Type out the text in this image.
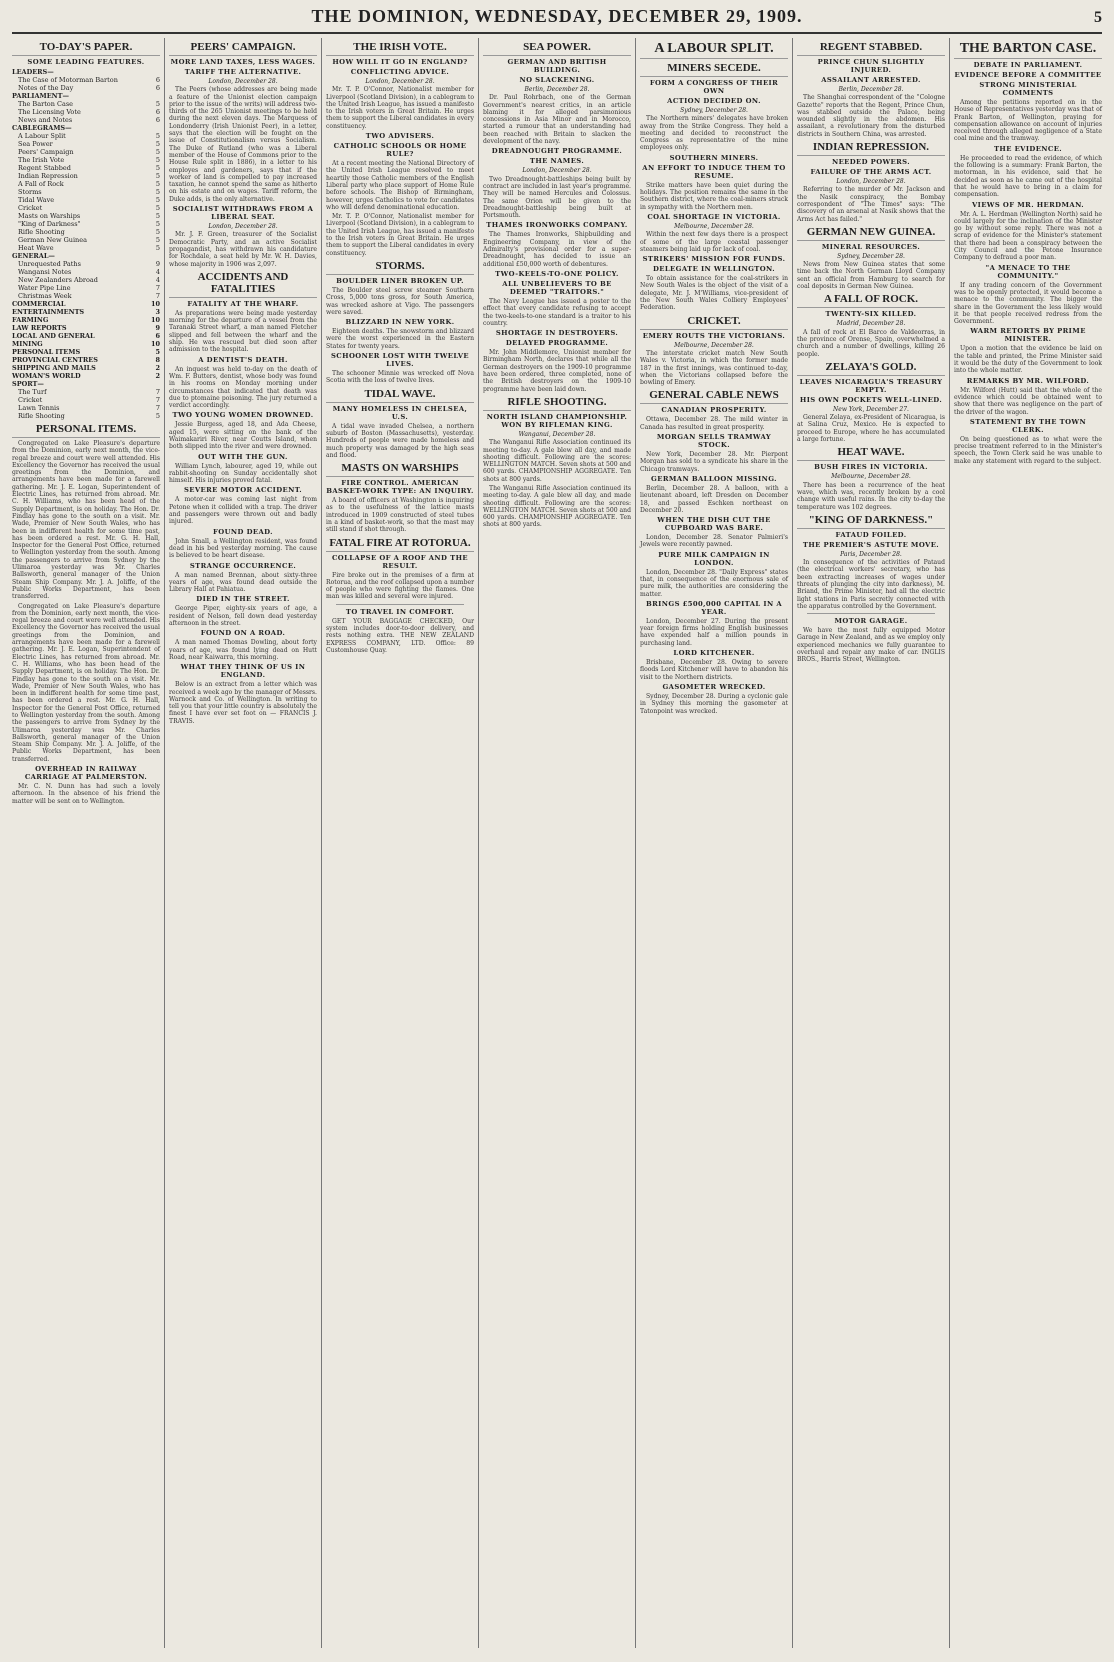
THE DOMINION, WEDNESDAY, DECEMBER 29, 1909.	5
TO-DAY'S PAPER.
SOME LEADING FEATURES.
LEADERS—
The Case of Motorman Barton	6
Notes of the Day	6
PARLIAMENT—
The Barton Case	5
The Licensing Vote	6
News and Notes	6
CABLEGRAMS—
A Labour Split	5
Sea Power	5
Peers' Campaign	5
The Irish Vote	5
Regent Stabbed	5
Indian Repression	5
A Fall of Rock	5
Storms	5
Tidal Wave	5
Cricket	5
Masts on Warships	5
"King of Darkness"	5
Rifle Shooting	5
German New Guinea	5
Heat Wave	5
GENERAL—
Unrequested Paths	9
Wangansi Notes	4
New Zealanders Abroad	4
Water Pipe Line	7
Christmas Week	7
COMMERCIAL	10
ENTERTAINMENTS	3
FARMING	10
LAW REPORTS	9
LOCAL AND GENERAL	6
MINING	10
PERSONAL ITEMS	5
PROVINCIAL CENTRES	8
SHIPPING AND MAILS	2
WOMAN'S WORLD	2
SPORT—
The Turf	7
Cricket	7
Lawn Tennis	7
Rifle Shooting	5
PERSONAL ITEMS.

Congregated on Lake Pleasure's departure from the Dominion, early next month, the vice-regal breeze and court were well attended. His Excellency the Governor has received the usual greetings from the Dominion, and arrangements have been made for a farewell gathering. Mr. J. E. Logan, Superintendent of Electric Lines, has returned from abroad. Mr. C. H. Williams, who has been head of the Supply Department, is on holiday. The Hon. Dr. Findlay has gone to the south on a visit. Mr. Wade, Premier of New South Wales, who has been in indifferent health for some time past, has been ordered a rest. Mr. G. H. Hall, Inspector for the General Post Office, returned to Wellington yesterday from the south. Among the passengers to arrive from Sydney by the Ulimaroa yesterday was Mr. Charles Ballsworth, general manager of the Union Steam Ship Company. Mr. J. A. Joliffe, of the Public Works Department, has been transferred.

Congregated on Lake Pleasure's departure from the Dominion, early next month, the vice-regal breeze and court were well attended. His Excellency the Governor has received the usual greetings from the Dominion, and arrangements have been made for a farewell gathering. Mr. J. E. Logan, Superintendent of Electric Lines, has returned from abroad. Mr. C. H. Williams, who has been head of the Supply Department, is on holiday. The Hon. Dr. Findlay has gone to the south on a visit. Mr. Wade, Premier of New South Wales, who has been in indifferent health for some time past, has been ordered a rest. Mr. G. H. Hall, Inspector for the General Post Office, returned to Wellington yesterday from the south. Among the passengers to arrive from Sydney by the Ulimaroa yesterday was Mr. Charles Ballsworth, general manager of the Union Steam Ship Company. Mr. J. A. Joliffe, of the Public Works Department, has been transferred.

OVERHEAD IN RAILWAY CARRIAGE AT PALMERSTON.

Mr. C. N. Dunn has had such a lovely afternoon. In the absence of his friend the matter will be sent on to Wellington.

PEERS' CAMPAIGN.
MORE LAND TAXES, LESS WAGES.
TARIFF THE ALTERNATIVE.
London, December 28.

The Peers (whose addresses are being made a feature of the Unionist election campaign prior to the issue of the writs) will address two-thirds of the 265 Unionist meetings to be held during the next eleven days. The Marquess of Londonderry (Irish Unionist Peer), in a letter, says that the election will be fought on the issue of Constitutionalism versus Socialism. The Duke of Rutland (who was a Liberal member of the House of Commons prior to the House Rule split in 1886), in a letter to his employes and gardeners, says that if the worker of land is compelled to pay increased taxation, he cannot spend the same as hitherto on his estate and on wages. Tariff reform, the Duke adds, is the only alternative.

SOCIALIST WITHDRAWS FROM A LIBERAL SEAT.
London, December 28.

Mr. J. F. Green, treasurer of the Socialist Democratic Party, and an active Socialist propagandist, has withdrawn his candidature for Rochdale, a seat held by Mr. W. H. Davies, whose majority in 1906 was 2,097.

ACCIDENTS AND FATALITIES
FATALITY AT THE WHARF.

As preparations were being made yesterday morning for the departure of a vessel from the Taranaki Street wharf, a man named Fletcher slipped and fell between the wharf and the ship. He was rescued but died soon after admission to the hospital.

A DENTIST'S DEATH.

An inquest was held to-day on the death of Wm. F. Butters, dentist, whose body was found in his rooms on Monday morning under circumstances that indicated that death was due to ptomaine poisoning. The jury returned a verdict accordingly.

TWO YOUNG WOMEN DROWNED.

Jessie Burgess, aged 18, and Ada Cheese, aged 15, were sitting on the bank of the Waimakariri River, near Coutts Island, when both slipped into the river and were drowned.

OUT WITH THE GUN.

William Lynch, labourer, aged 19, while out rabbit-shooting on Sunday accidentally shot himself. His injuries proved fatal.

SEVERE MOTOR ACCIDENT.

A motor-car was coming last night from Petone when it collided with a trap. The driver and passengers were thrown out and badly injured.

FOUND DEAD.

John Small, a Wellington resident, was found dead in his bed yesterday morning. The cause is believed to be heart disease.

STRANGE OCCURRENCE.

A man named Brennan, about sixty-three years of age, was found dead outside the Library Hall at Pahiatua.

DIED IN THE STREET.

George Piper, eighty-six years of age, a resident of Nelson, fell down dead yesterday afternoon in the street.

FOUND ON A ROAD.

A man named Thomas Dowling, about forty years of age, was found lying dead on Hutt Road, near Kaiwarra, this morning.

WHAT THEY THINK OF US IN ENGLAND.

Below is an extract from a letter which was received a week ago by the manager of Messrs. Warnock and Co. of Wellington. In writing to tell you that your little country is absolutely the finest I have ever set foot on — FRANCIS J. TRAVIS.

THE IRISH VOTE.
HOW WILL IT GO IN ENGLAND?
CONFLICTING ADVICE.
London, December 28.

Mr. T. P. O'Connor, Nationalist member for Liverpool (Scotland Division), in a cablegram to the United Irish League, has issued a manifesto to the Irish voters in Great Britain. He urges them to support the Liberal candidates in every constituency.

TWO ADVISERS.
CATHOLIC SCHOOLS OR HOME RULE?

At a recent meeting the National Directory of the United Irish League resolved to meet heartily those Catholic members of the English Liberal party who place support of Home Rule before schools. The Bishop of Birmingham, however, urges Catholics to vote for candidates who will defend denominational education.

Mr. T. P. O'Connor, Nationalist member for Liverpool (Scotland Division), in a cablegram to the United Irish League, has issued a manifesto to the Irish voters in Great Britain. He urges them to support the Liberal candidates in every constituency.

STORMS.
BOULDER LINER BROKEN UP.

The Boulder steel screw steamer Southern Cross, 5,000 tons gross, for South America, was wrecked ashore at Vigo. The passengers were saved.

BLIZZARD IN NEW YORK.

Eighteen deaths. The snowstorm and blizzard were the worst experienced in the Eastern States for twenty years.

SCHOONER LOST WITH TWELVE LIVES.

The schooner Minnie was wrecked off Nova Scotia with the loss of twelve lives.

TIDAL WAVE.
MANY HOMELESS IN CHELSEA, U.S.

A tidal wave invaded Chelsea, a northern suburb of Boston (Massachusetts), yesterday. Hundreds of people were made homeless and much property was damaged by the high seas and flood.

MASTS ON WARSHIPS
FIRE CONTROL. AMERICAN BASKET-WORK TYPE: AN INQUIRY.

A board of officers at Washington is inquiring as to the usefulness of the lattice masts introduced in 1909 constructed of steel tubes in a kind of basket-work, so that the mast may still stand if shot through.

FATAL FIRE AT ROTORUA.
COLLAPSE OF A ROOF AND THE RESULT.

Fire broke out in the premises of a firm at Rotorua, and the roof collapsed upon a number of people who were fighting the flames. One man was killed and several were injured.

TO TRAVEL IN COMFORT.

GET YOUR BAGGAGE CHECKED, Our system includes door-to-door delivery, and rests nothing extra. THE NEW ZEALAND EXPRESS COMPANY, LTD. Office: 89 Customhouse Quay.

SEA POWER.
GERMAN AND BRITISH BUILDING.
NO SLACKENING.
Berlin, December 28.

Dr. Paul Rohrbach, one of the German Government's nearest critics, in an article blaming it for alleged parsimonious concessions in Asia Minor and in Morocco, started a rumour that an understanding had been reached with Britain to slacken the development of the navy.

DREADNOUGHT PROGRAMME.
THE NAMES.
London, December 28.

Two Dreadnought-battleships being built by contract are included in last year's programme. They will be named Hercules and Colossus. The same Orion will be given to the Dreadnought-battleship being built at Portsmouth.

THAMES IRONWORKS COMPANY.

The Thames Ironworks, Shipbuilding and Engineering Company, in view of the Admiralty's provisional order for a super-Dreadnought, has decided to issue an additional £50,000 worth of debentures.

TWO-KEELS-TO-ONE POLICY.
ALL UNBELIEVERS TO BE DEEMED "TRAITORS."

The Navy League has issued a poster to the effect that every candidate refusing to accept the two-keels-to-one standard is a traitor to his country.

SHORTAGE IN DESTROYERS.
DELAYED PROGRAMME.

Mr. John Middlemore, Unionist member for Birmingham North, declares that while all the German destroyers on the 1909-10 programme have been ordered, three completed, none of the British destroyers on the 1909-10 programme have been laid down.

RIFLE SHOOTING.
NORTH ISLAND CHAMPIONSHIP. WON BY RIFLEMAN KING.
Wanganui, December 28.

The Wanganui Rifle Association continued its meeting to-day. A gale blew all day, and made shooting difficult. Following are the scores: WELLINGTON MATCH. Seven shots at 500 and 600 yards. CHAMPIONSHIP AGGREGATE. Ten shots at 800 yards.

The Wanganui Rifle Association continued its meeting to-day. A gale blew all day, and made shooting difficult. Following are the scores: WELLINGTON MATCH. Seven shots at 500 and 600 yards. CHAMPIONSHIP AGGREGATE. Ten shots at 800 yards.

A LABOUR SPLIT.
MINERS SECEDE.
FORM A CONGRESS OF THEIR OWN
ACTION DECIDED ON.
Sydney, December 28.

The Northern miners' delegates have broken away from the Strike Congress. They held a meeting and decided to reconstruct the Congress as representative of the mine employees only.

SOUTHERN MINERS.
AN EFFORT TO INDUCE THEM TO RESUME.

Strike matters have been quiet during the holidays. The position remains the same in the Southern district, where the coal-miners struck in sympathy with the Northern men.

COAL SHORTAGE IN VICTORIA.
Melbourne, December 28.

Within the next few days there is a prospect of some of the large coastal passenger steamers being laid up for lack of coal.

STRIKERS' MISSION FOR FUNDS.
DELEGATE IN WELLINGTON.

To obtain assistance for the coal-strikers in New South Wales is the object of the visit of a delegate, Mr. J. M'Williams, vice-president of the New South Wales Colliery Employees' Federation.

CRICKET.
EMERY ROUTS THE VICTORIANS.
Melbourne, December 28.

The interstate cricket match New South Wales v. Victoria, in which the former made 187 in the first innings, was continued to-day, when the Victorians collapsed before the bowling of Emery.

GENERAL CABLE NEWS
CANADIAN PROSPERITY.

Ottawa, December 28. The mild winter in Canada has resulted in great prosperity.

MORGAN SELLS TRAMWAY STOCK.

New York, December 28. Mr. Pierpont Morgan has sold to a syndicate his share in the Chicago tramways.

GERMAN BALLOON MISSING.

Berlin, December 28. A balloon, with a lieutenant aboard, left Dresden on December 18, and passed Eschken northeast on December 20.

WHEN THE DISH CUT THE CUPBOARD WAS BARE.

London, December 28. Senator Palmieri's Jewels were recently pawned.

PURE MILK CAMPAIGN IN LONDON.

London, December 28. "Daily Express" states that, in consequence of the enormous sale of pure milk, the authorities are considering the matter.

BRINGS £500,000 CAPITAL IN A YEAR.

London, December 27. During the present year foreign firms holding English businesses have expended half a million pounds in purchasing land.

LORD KITCHENER.

Brisbane, December 28. Owing to severe floods Lord Kitchener will have to abandon his visit to the Northern districts.

GASOMETER WRECKED.

Sydney, December 28. During a cyclonic gale in Sydney this morning the gasometer at Tatonpoint was wrecked.

REGENT STABBED.
PRINCE CHUN SLIGHTLY INJURED.
ASSAILANT ARRESTED.
Berlin, December 28.

The Shanghai correspondent of the "Cologne Gazette" reports that the Regent, Prince Chun, was stabbed outside the Palace, being wounded slightly in the abdomen. His assailant, a revolutionary from the disturbed districts in Southern China, was arrested.

INDIAN REPRESSION.
NEEDED POWERS.
FAILURE OF THE ARMS ACT.
London, December 28.

Referring to the murder of Mr. Jackson and the Nasik conspiracy, the Bombay correspondent of "The Times" says: "The discovery of an arsenal at Nasik shows that the Arms Act has failed."

GERMAN NEW GUINEA.
MINERAL RESOURCES.
Sydney, December 28.

News from New Guinea states that some time back the North German Lloyd Company sent an official from Hamburg to search for coal deposits in German New Guinea.

A FALL OF ROCK.
TWENTY-SIX KILLED.
Madrid, December 28.

A fall of rock at El Barco de Valdeorras, in the province of Orense, Spain, overwhelmed a church and a number of dwellings, killing 26 people.

ZELAYA'S GOLD.
LEAVES NICARAGUA'S TREASURY EMPTY.
HIS OWN POCKETS WELL-LINED.
New York, December 27.

General Zelaya, ex-President of Nicaragua, is at Salina Cruz, Mexico. He is expected to proceed to Europe, where he has accumulated a large fortune.

HEAT WAVE.
BUSH FIRES IN VICTORIA.
Melbourne, December 28.

There has been a recurrence of the heat wave, which was, recently broken by a cool change with useful rains. In the city to-day the temperature was 102 degrees.

"KING OF DARKNESS."
FATAUD FOILED.
THE PREMIER'S ASTUTE MOVE.
Paris, December 28.

In consequence of the activities of Pataud (the electrical workers' secretary, who has been extracting increases of wages under threats of plunging the city into darkness), M. Briand, the Prime Minister, had all the electric light stations in Paris secretly connected with the apparatus controlled by the Government.

MOTOR GARAGE.

We have the most fully equipped Motor Garage in New Zealand, and as we employ only experienced mechanics we fully guarantee to overhaul and repair any make of car. INGLIS BROS., Harris Street, Wellington.

THE BARTON CASE.
DEBATE IN PARLIAMENT.
EVIDENCE BEFORE A COMMITTEE
STRONG MINISTERIAL COMMENTS

Among the petitions reported on in the House of Representatives yesterday was that of Frank Barton, of Wellington, praying for compensation allowance on account of injuries received through alleged negligence of a State coal mine and the tramway.

THE EVIDENCE.

He proceeded to read the evidence, of which the following is a summary: Frank Barton, the motorman, in his evidence, said that he decided as soon as he came out of the hospital that he would have to bring in a claim for compensation.

VIEWS OF MR. HERDMAN.

Mr. A. L. Herdman (Wellington North) said he could largely for the inclination of the Minister go by without some reply. There was not a scrap of evidence for the Minister's statement that there had been a conspiracy between the City Council and the Petone Insurance Company to defraud a poor man.

"A MENACE TO THE COMMUNITY."

If any trading concern of the Government was to be openly protected, it would become a menace to the community. The bigger the share in the Government the less likely would it be that people received redress from the Government.

WARM RETORTS BY PRIME MINISTER.

Upon a motion that the evidence be laid on the table and printed, the Prime Minister said it would be the duty of the Government to look into the whole matter.

REMARKS BY MR. WILFORD.

Mr. Wilford (Hutt) said that the whole of the evidence which could be obtained went to show that there was negligence on the part of the driver of the wagon.

STATEMENT BY THE TOWN CLERK.

On being questioned as to what were the precise treatment referred to in the Minister's speech, the Town Clerk said he was unable to make any statement with regard to the subject.
